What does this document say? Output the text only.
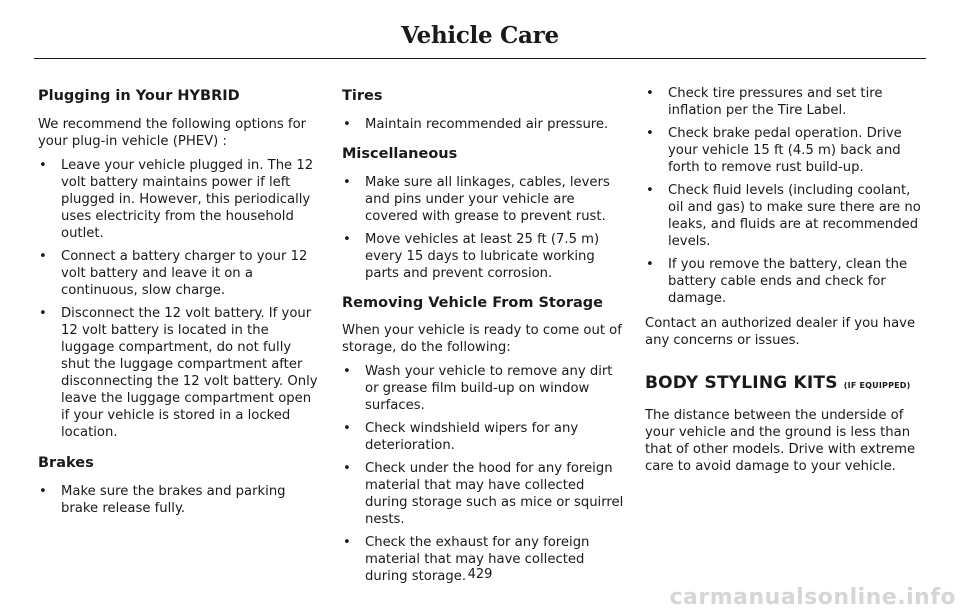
Vehicle Care
Plugging in Your HYBRID

We recommend the following options for your plug-in vehicle (PHEV) :

• Leave your vehicle plugged in. The 12 volt battery maintains power if left plugged in. However, this periodically uses electricity from the household outlet.
• Connect a battery charger to your 12 volt battery and leave it on a continuous, slow charge.
• Disconnect the 12 volt battery. If your 12 volt battery is located in the luggage compartment, do not fully shut the luggage compartment after disconnecting the 12 volt battery. Only leave the luggage compartment open if your vehicle is stored in a locked location.
Brakes
• Make sure the brakes and parking brake release fully.
Tires
• Maintain recommended air pressure.
Miscellaneous
• Make sure all linkages, cables, levers and pins under your vehicle are covered with grease to prevent rust.
• Move vehicles at least 25 ft (7.5 m) every 15 days to lubricate working parts and prevent corrosion.
Removing Vehicle From Storage

When your vehicle is ready to come out of storage, do the following:

• Wash your vehicle to remove any dirt or grease film build-up on window surfaces.
• Check windshield wipers for any deterioration.
• Check under the hood for any foreign material that may have collected during storage such as mice or squirrel nests.
• Check the exhaust for any foreign material that may have collected during storage.
• Check tire pressures and set tire inflation per the Tire Label.
• Check brake pedal operation. Drive your vehicle 15 ft (4.5 m) back and forth to remove rust build-up.
• Check fluid levels (including coolant, oil and gas) to make sure there are no leaks, and fluids are at recommended levels.
• If you remove the battery, clean the battery cable ends and check for damage.

Contact an authorized dealer if you have any concerns or issues.

BODY STYLING KITS (IF EQUIPPED)

The distance between the underside of your vehicle and the ground is less than that of other models. Drive with extreme care to avoid damage to your vehicle.

429
carmanualsonline.info
